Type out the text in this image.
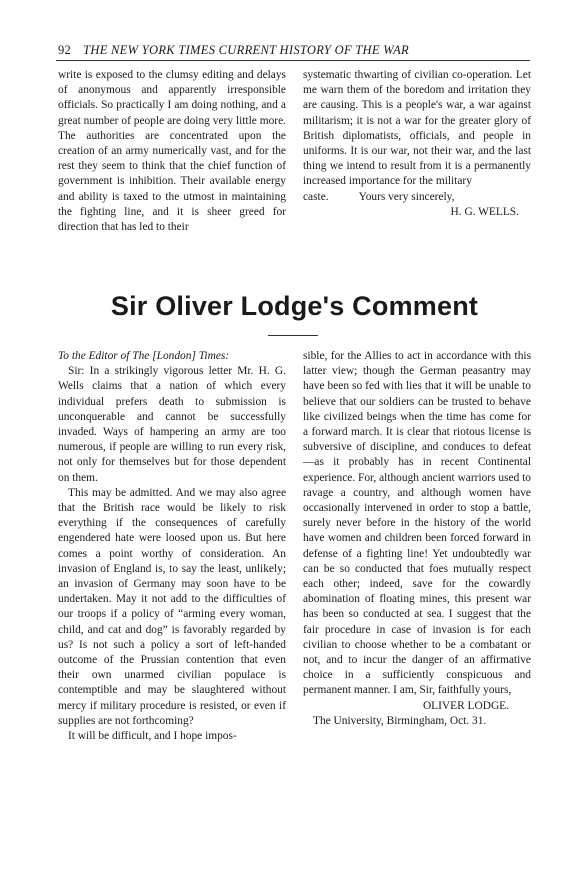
92 THE NEW YORK TIMES CURRENT HISTORY OF THE WAR

write is exposed to the clumsy editing and delays of anonymous and apparently irresponsible officials. So practically I am doing nothing, and a great number of people are doing very little more. The authorities are concentrated upon the creation of an army numerically vast, and for the rest they seem to think that the chief function of government is inhibition. Their available energy and ability is taxed to the utmost in maintaining the fighting line, and it is sheer greed for direction that has led to their

systematic thwarting of civilian co-operation. Let me warn them of the boredom and irritation they are causing. This is a people's war, a war against militarism; it is not a war for the greater glory of British diplomatists, officials, and people in uniforms. It is our war, not their war, and the last thing we intend to result from it is a permanently increased importance for the military

caste.	Yours very sincerely,
H. G. WELLS.
Sir Oliver Lodge's Comment

To the Editor of The [London] Times:

Sir: In a strikingly vigorous letter Mr. H. G. Wells claims that a nation of which every individual prefers death to submission is unconquerable and cannot be successfully invaded. Ways of hampering an army are too numerous, if people are willing to run every risk, not only for themselves but for those dependent on them.

This may be admitted. And we may also agree that the British race would be likely to risk everything if the consequences of carefully engendered hate were loosed upon us. But here comes a point worthy of consideration. An invasion of England is, to say the least, unlikely; an invasion of Germany may soon have to be undertaken. May it not add to the difficulties of our troops if a policy of “arming every woman, child, and cat and dog” is favorably regarded by us? Is not such a policy a sort of left-handed outcome of the Prussian contention that even their own unarmed civilian populace is contemptible and may be slaughtered without mercy if military procedure is resisted, or even if supplies are not forthcoming?

It will be difficult, and I hope impos-

sible, for the Allies to act in accordance with this latter view; though the German peasantry may have been so fed with lies that it will be unable to believe that our soldiers can be trusted to behave like civilized beings when the time has come for a forward march. It is clear that riotous license is subversive of discipline, and conduces to defeat—as it probably has in recent Continental experience. For, although ancient warriors used to ravage a country, and although women have occasionally intervened in order to stop a battle, surely never before in the history of the world have women and children been forced forward in defense of a fighting line! Yet undoubtedly war can be so conducted that foes mutually respect each other; indeed, save for the cowardly abomination of floating mines, this present war has been so conducted at sea. I suggest that the fair procedure in case of invasion is for each civilian to choose whether to be a combatant or not, and to incur the danger of an affirmative choice in a sufficiently conspicuous and permanent manner. I am, Sir, faithfully yours,

OLIVER LODGE.

The University, Birmingham, Oct. 31.
